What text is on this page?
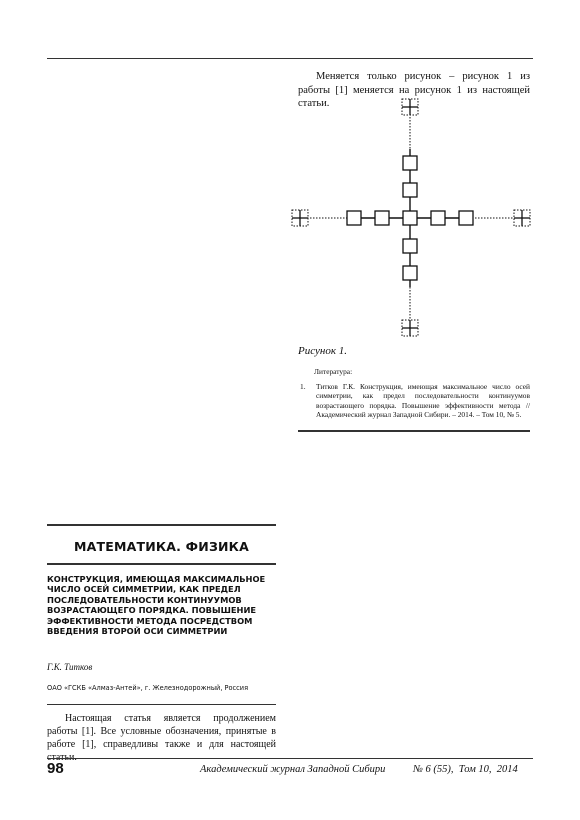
Меняется только рисунок – рисунок 1 из работы [1] меняется на рисунок 1 из настоящей статьи.
Рисунок 1.
Литература:
1. Титков Г.К. Конструкция, имеющая максимальное число осей симметрии, как предел последовательности континуумов возрастающего порядка. Повышение эффективности метода // Академический журнал Западной Сибири. – 2014. – Том 10, № 5.
МАТЕМАТИКА. ФИЗИКА
КОНСТРУКЦИЯ, ИМЕЮЩАЯ МАКСИМАЛЬНОЕ ЧИСЛО ОСЕЙ СИММЕТРИИ, КАК ПРЕДЕЛ ПОСЛЕДОВАТЕЛЬНОСТИ КОНТИНУУМОВ ВОЗРАСТАЮЩЕГО ПОРЯДКА. ПОВЫШЕНИЕ ЭФФЕКТИВНОСТИ МЕТОДА ПОСРЕДСТВОМ ВВЕДЕНИЯ ВТОРОЙ ОСИ СИММЕТРИИ
Г.К. Титков
ОАО «ГСКБ «Алмаз-Антей», г. Железнодорожный, Россия
Настоящая статья является продолжением работы [1]. Все условные обозначения, принятые в работе [1], справедливы также и для настоящей
98	Академический журнал Западной Сибири	№ 6 (55),  Том 10,  2014
